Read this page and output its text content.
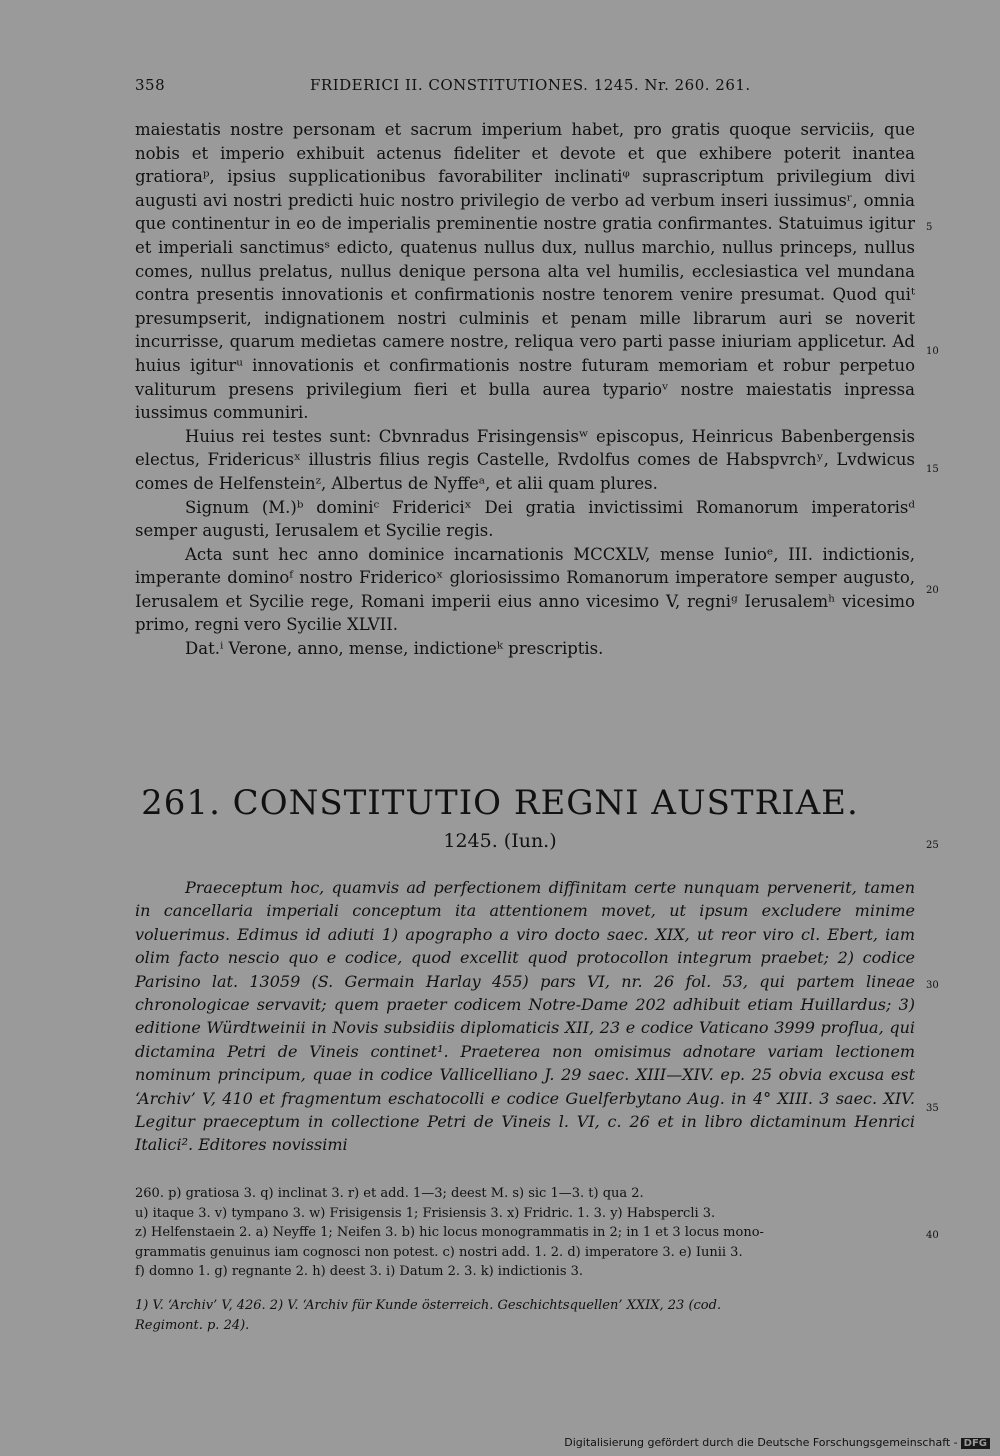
358	FRIDERICI II. CONSTITUTIONES. 1245. Nr. 260. 261.

maiestatis nostre personam et sacrum imperium habet, pro gratis quoque serviciis, que nobis et imperio exhibuit actenus fideliter et devote et que exhibere poterit inantea gratioraᵖ, ipsius supplicationibus favorabiliter inclinatiᵠ suprascriptum privilegium divi augusti avi nostri predicti huic nostro privilegio de verbo ad verbum inseri iussimusʳ, omnia que continentur in eo de imperialis preminentie nostre gratia confirmantes. Statuimus igitur et imperiali sanctimusˢ edicto, quatenus nullus dux, nullus marchio, nullus princeps, nullus comes, nullus prelatus, nullus denique persona alta vel humilis, ecclesiastica vel mundana contra presentis innovationis et confirmationis nostre tenorem venire presumat. Quod quiᵗ presumpserit, indignationem nostri culminis et penam mille librarum auri se noverit incurrisse, quarum medietas camere nostre, reliqua vero parti passe iniuriam applicetur. Ad huius igiturᵘ innovationis et confirmationis nostre futuram memoriam et robur perpetuo valiturum presens privilegium fieri et bulla aurea typarioᵛ nostre maiestatis inpressa iussimus communiri.

Huius rei testes sunt: Cbvnradus Frisingensisʷ episcopus, Heinricus Babenbergensis electus, Fridericusˣ illustris filius regis Castelle, Rvdolfus comes de Habspvrchʸ, Lvdwicus comes de Helfensteinᶻ, Albertus de Nyffeᵃ, et alii quam plures.

Signum (M.)ᵇ dominiᶜ Fridericiˣ Dei gratia invictissimi Romanorum imperatorisᵈ semper augusti, Ierusalem et Sycilie regis.

Acta sunt hec anno dominice incarnationis MCCXLV, mense Iunioᵉ, III. indictionis, imperante dominoᶠ nostro Fridericoˣ gloriosissimo Romanorum imperatore semper augusto, Ierusalem et Sycilie rege, Romani imperii eius anno vicesimo V, regniᵍ Ierusalemʰ vicesimo primo, regni vero Sycilie XLVII.

Dat.ⁱ Verone, anno, mense, indictioneᵏ prescriptis.

5
10
15
20
261. CONSTITUTIO REGNI AUSTRIAE.
1245. (Iun.)	25
Praeceptum hoc, quamvis ad perfectionem diffinitam certe nunquam pervenerit, tamen in cancellaria imperiali conceptum ita attentionem movet, ut ipsum excludere minime voluerimus. Edimus id adiuti 1) apographo a viro docto saec. XIX, ut reor viro cl. Ebert, iam olim facto nescio quo e codice, quod excellit quod protocollon integrum praebet; 2) codice Parisino lat. 13059 (S. Germain Harlay 455) pars VI, nr. 26 fol. 53, qui partem lineae chronologicae servavit; quem praeter codicem Notre-Dame 202 adhibuit etiam Huillardus; 3) editione Würdtweinii in Novis subsidiis diplomaticis XII, 23 e codice Vaticano 3999 proflua, qui dictamina Petri de Vineis continet¹. Praeterea non omisimus adnotare variam lectionem nominum principum, quae in codice Vallicelliano J. 29 saec. XIII—XIV. ep. 25 obvia excusa est ‘Archiv’ V, 410 et fragmentum eschatocolli e codice Guelferbytano Aug. in 4° XIII. 3 saec. XIV. Legitur praeceptum in collectione Petri de Vineis l. VI, c. 26 et in libro dictaminum Henrici Italici². Editores novissimi
30
35
260. p) gratiosa 3. q) inclinat 3. r) et add. 1—3; deest M. s) sic 1—3. t) qua 2.
u) itaque 3. v) tympano 3. w) Frisigensis 1; Frisiensis 3. x) Fridric. 1. 3. y) Habspercli 3.
z) Helfenstaein 2. a) Neyffe 1; Neifen 3. b) hic locus monogrammatis in 2; in 1 et 3 locus mono-
grammatis genuinus iam cognosci non potest. c) nostri add. 1. 2. d) imperatore 3. e) Iunii 3.
f) domno 1. g) regnante 2. h) deest 3. i) Datum 2. 3. k) indictionis 3.
40
1) V. ‘Archiv’ V, 426. 2) V. ‘Archiv für Kunde österreich. Geschichtsquellen’ XXIX, 23 (cod.
Regimont. p. 24).
Digitalisierung gefördert durch die Deutsche Forschungsgemeinschaft - DFG
